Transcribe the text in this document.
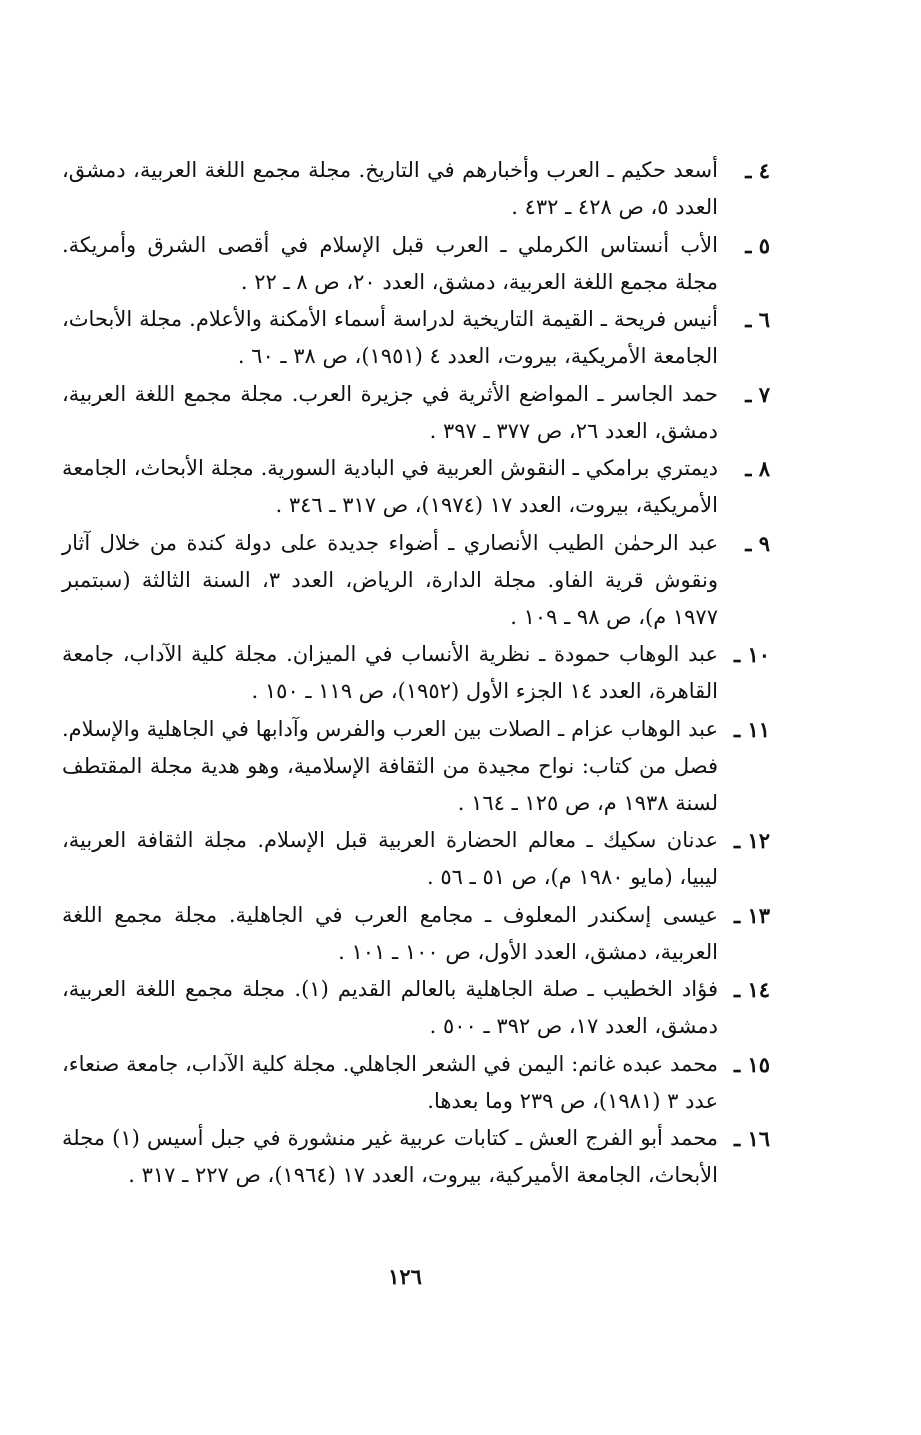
٤ ـ
أسعد حكيم ـ العرب وأخبارهم في التاريخ. مجلة مجمع اللغة العربية، دمشق، العدد ٥، ص ٤٢٨ ـ ٤٣٢ .
٥ ـ
الأب أنستاس الكرملي ـ العرب قبل الإسلام في أقصى الشرق وأمريكة. مجلة مجمع اللغة العربية، دمشق، العدد ٢٠، ص ٨ ـ ٢٢ .
٦ ـ
أنيس فريحة ـ القيمة التاريخية لدراسة أسماء الأمكنة والأعلام. مجلة الأبحاث، الجامعة الأمريكية، بيروت، العدد ٤ (١٩٥١)، ص ٣٨ ـ ٦٠ .
٧ ـ
حمد الجاسر ـ المواضع الأثرية في جزيرة العرب. مجلة مجمع اللغة العربية، دمشق، العدد ٢٦، ص ٣٧٧ ـ ٣٩٧ .
٨ ـ
ديمتري برامكي ـ النقوش العربية في البادية السورية. مجلة الأبحاث، الجامعة الأمريكية، بيروت، العدد ١٧ (١٩٧٤)، ص ٣١٧ ـ ٣٤٦ .
٩ ـ
عبد الرحمٰن الطيب الأنصاري ـ أضواء جديدة على دولة كندة من خلال آثار ونقوش قرية الفاو. مجلة الدارة، الرياض، العدد ٣، السنة الثالثة (سبتمبر ١٩٧٧ م)، ص ٩٨ ـ ١٠٩ .
١٠ ـ
عبد الوهاب حمودة ـ نظرية الأنساب في الميزان. مجلة كلية الآداب، جامعة القاهرة، العدد ١٤ الجزء الأول (١٩٥٢)، ص ١١٩ ـ ١٥٠ .
١١ ـ
عبد الوهاب عزام ـ الصلات بين العرب والفرس وآدابها في الجاهلية والإسلام. فصل من كتاب: نواح مجيدة من الثقافة الإسلامية، وهو هدية مجلة المقتطف لسنة ١٩٣٨ م، ص ١٢٥ ـ ١٦٤ .
١٢ ـ
عدنان سكيك ـ معالم الحضارة العربية قبل الإسلام. مجلة الثقافة العربية، ليبيا، (مايو ١٩٨٠ م)، ص ٥١ ـ ٥٦ .
١٣ ـ
عيسى إسكندر المعلوف ـ مجامع العرب في الجاهلية. مجلة مجمع اللغة العربية، دمشق، العدد الأول، ص ١٠٠ ـ ١٠١ .
١٤ ـ
فؤاد الخطيب ـ صلة الجاهلية بالعالم القديم (١). مجلة مجمع اللغة العربية، دمشق، العدد ١٧، ص ٣٩٢ ـ ٥٠٠ .
١٥ ـ
محمد عبده غانم: اليمن في الشعر الجاهلي. مجلة كلية الآداب، جامعة صنعاء، عدد ٣ (١٩٨١)، ص ٢٣٩ وما بعدها.
١٦ ـ
محمد أبو الفرج العش ـ كتابات عربية غير منشورة في جبل أسيس (١) مجلة الأبحاث، الجامعة الأميركية، بيروت، العدد ١٧ (١٩٦٤)، ص ٢٢٧ ـ ٣١٧ .
١٢٦
